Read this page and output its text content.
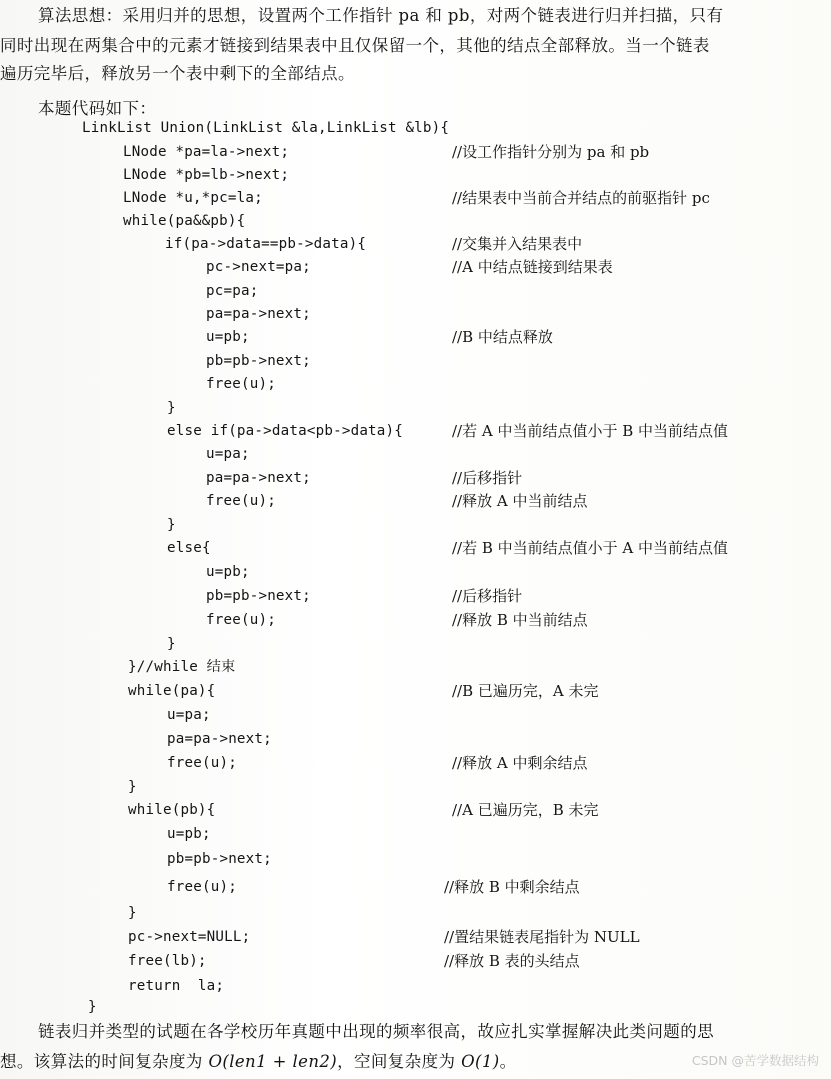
算法思想：采用归并的思想，设置两个工作指针 pa 和 pb，对两个链表进行归并扫描，只有

同时出现在两集合中的元素才链接到结果表中且仅保留一个，其他的结点全部释放。当一个链表

遍历完毕后，释放另一个表中剩下的全部结点。

本题代码如下：
LinkList Union(LinkList &la,LinkList &lb){
LNode *pa=la->next;	//设工作指针分别为 pa 和 pb
LNode *pb=lb->next;
LNode *u,*pc=la;	//结果表中当前合并结点的前驱指针 pc
while(pa&&pb){
if(pa->data==pb->data){	//交集并入结果表中
pc->next=pa;	//A 中结点链接到结果表
pc=pa;
pa=pa->next;
u=pb;	//B 中结点释放
pb=pb->next;
free(u);
}
else if(pa->data<pb->data){	//若 A 中当前结点值小于 B 中当前结点值
u=pa;
pa=pa->next;	//后移指针
free(u);	//释放 A 中当前结点
}
else{	//若 B 中当前结点值小于 A 中当前结点值
u=pb;
pb=pb->next;	//后移指针
free(u);	//释放 B 中当前结点
}
}//while 结束
while(pa){	//B 已遍历完，A 未完
u=pa;
pa=pa->next;
free(u);	//释放 A 中剩余结点
}
while(pb){	//A 已遍历完，B 未完
u=pb;
pb=pb->next;
free(u);	//释放 B 中剩余结点
}
pc->next=NULL;	//置结果链表尾指针为 NULL
free(lb);	//释放 B 表的头结点
return  la;
}

链表归并类型的试题在各学校历年真题中出现的频率很高，故应扎实掌握解决此类问题的思

想。该算法的时间复杂度为 O(len1 + len2)，空间复杂度为 O(1)。	CSDN @苦学数据结构
